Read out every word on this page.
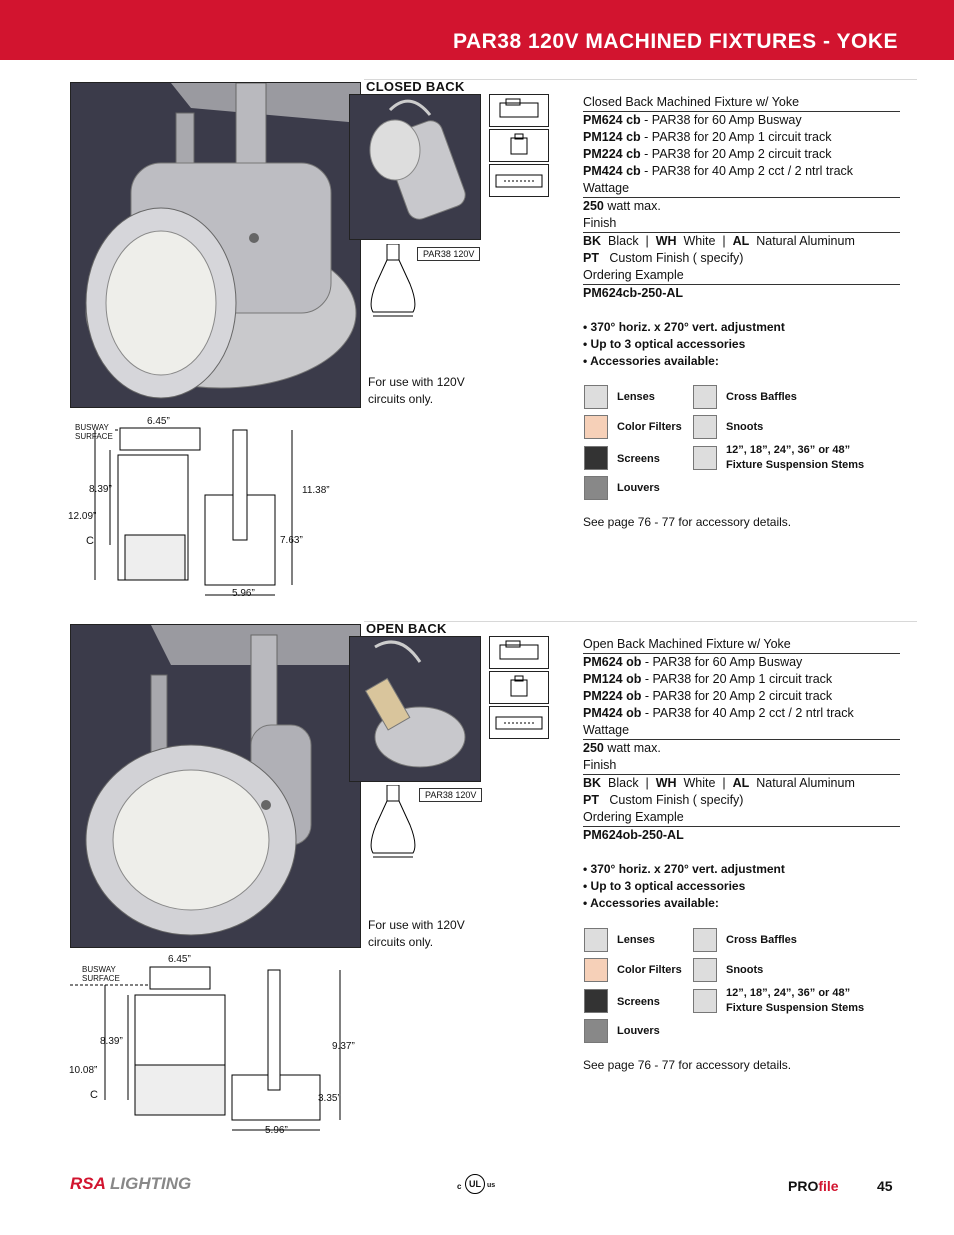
PAR38 120V MACHINED FIXTURES - YOKE
CLOSED BACK
PAR38 120V
For use with 120V
circuits only.
Closed Back Machined Fixture w/ Yoke
PM624 cb - PAR38 for 60 Amp Busway
PM124 cb - PAR38 for 20 Amp 1 circuit track
PM224 cb - PAR38 for 20 Amp 2 circuit track
PM424 cb - PAR38 for 40 Amp 2 cct / 2 ntrl track
Wattage
250 watt max.
Finish
BK  Black  |  WH  White  |  AL  Natural Aluminum
PT   Custom Finish ( specify)
Ordering Example
PM624cb-250-AL
• 370° horiz. x 270° vert. adjustment
• Up to 3 optical accessories
• Accessories available:
Lenses
Color Filters
Screens
Louvers
Cross Baffles
Snoots
12”, 18”, 24”, 36” or 48”
Fixture Suspension Stems
See page 76 - 77 for accessory details.
BUSWAY
SURFACE
6.45”
8.39”
12.09”
C
11.38”
7.63”
5.96”
OPEN BACK
PAR38 120V
For use with 120V
circuits only.
Open Back Machined Fixture w/ Yoke
PM624 ob - PAR38 for 60 Amp Busway
PM124 ob - PAR38 for 20 Amp 1 circuit track
PM224 ob - PAR38 for 20 Amp 2 circuit track
PM424 ob - PAR38 for 40 Amp 2 cct / 2 ntrl track
Wattage
250 watt max.
Finish
BK  Black  |  WH  White  |  AL  Natural Aluminum
PT   Custom Finish ( specify)
Ordering Example
PM624ob-250-AL
• 370° horiz. x 270° vert. adjustment
• Up to 3 optical accessories
• Accessories available:
Lenses
Color Filters
Screens
Louvers
Cross Baffles
Snoots
12”, 18”, 24”, 36” or 48”
Fixture Suspension Stems
See page 76 - 77 for accessory details.
BUSWAY
SURFACE
6.45”
8.39”
10.08”
C
9.37”
3.35”
5.96”
RSA LIGHTING	c UL us	PROfile	45
